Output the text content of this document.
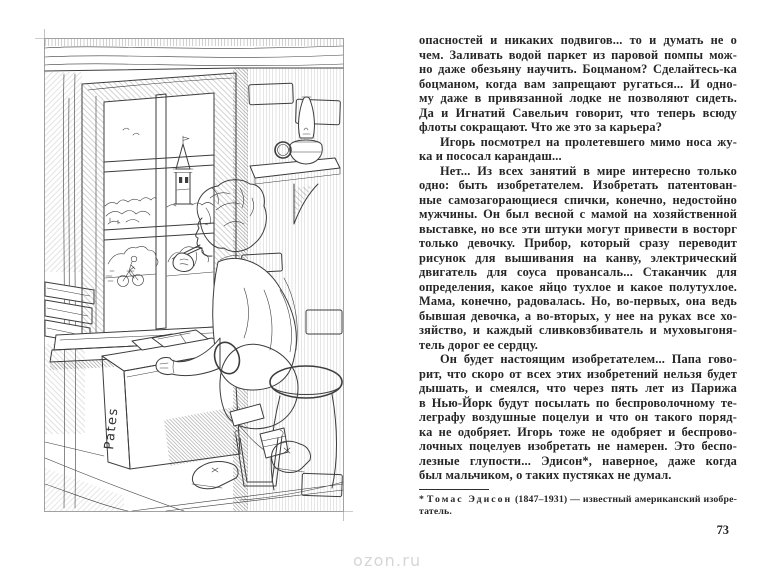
Pates
опасностей и никаких подвигов... то и думать не о
чем. Заливать водой паркет из паровой помпы мож-
но даже обезьяну научить. Боцманом? Сделайтесь-ка
боцманом, когда вам запрещают ругаться... И одно-
му даже в привязанной лодке не позволяют сидеть.
Да и Игнатий Савельич говорит, что теперь всюду
флоты сокращают. Что же это за карьера?
Игорь посмотрел на пролетевшего мимо носа жу-
ка и пососал карандаш...
Нет... Из всех занятий в мире интересно только
одно: быть изобретателем. Изобретать патентован-
ные самозагорающиеся спички, конечно, недостойно
мужчины. Он был весной с мамой на хозяйственной
выставке, но все эти штуки могут привести в восторг
только девочку. Прибор, который сразу переводит
рисунок для вышивания на канву, электрический
двигатель для соуса провансаль... Стаканчик для
определения, какое яйцо тухлое и какое полутухлое.
Мама, конечно, радовалась. Но, во-первых, она ведь
бывшая девочка, а во-вторых, у нее на руках все хо-
зяйство, и каждый сливковзбиватель и муховыгоня-
тель дорог ее сердцу.
Он будет настоящим изобретателем... Папа гово-
рит, что скоро от всех этих изобретений нельзя будет
дышать, и смеялся, что через пять лет из Парижа
в Нью-Йорк будут посылать по беспроволочному те-
леграфу воздушные поцелуи и что он такого поряд-
ка не одобряет. Игорь тоже не одобряет и беспрово-
лочных поцелуев изобретать не намерен. Это беспо-
лезные глупости... Эдисон*, наверное, даже когда
был мальчиком, о таких пустяках не думал.
* Томас Эдисон (1847–1931) — известный американский изобре-
татель.
73
ozon.ru
